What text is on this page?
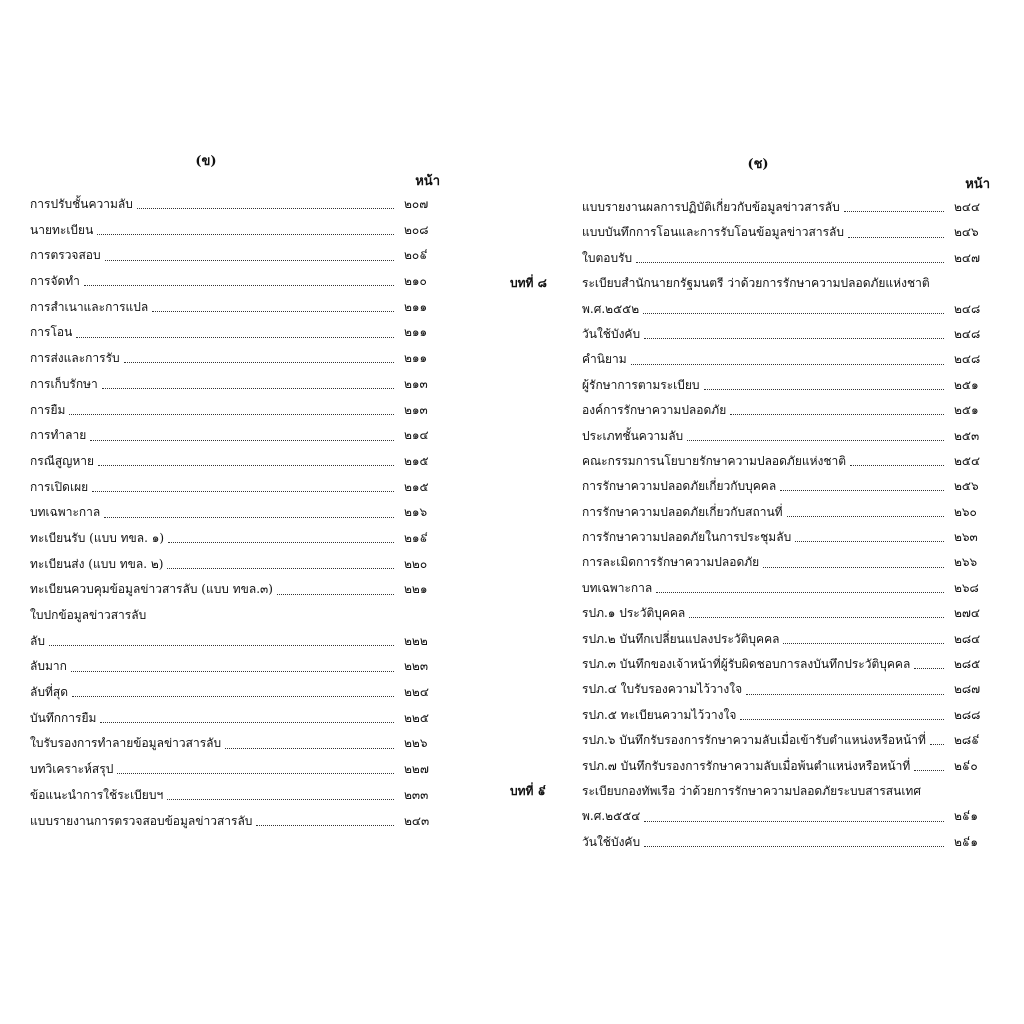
(ข)
หน้า
การปรับชั้นความลับ	๒๐๗
นายทะเบียน	๒๐๘
การตรวจสอบ	๒๐៩
การจัดทำ	๒๑๐
การสำเนาและการแปล	๒๑๑
การโอน	๒๑๑
การส่งและการรับ	๒๑๑
การเก็บรักษา	๒๑๓
การยืม	๒๑๓
การทำลาย	๒๑๔
กรณีสูญหาย	๒๑๕
การเปิดเผย	๒๑๕
บทเฉพาะกาล	๒๑๖
ทะเบียนรับ (แบบ ทขล. ๑)	๒๑៩
ทะเบียนส่ง (แบบ ทขล. ๒)	๒๒๐
ทะเบียนควบคุมข้อมูลข่าวสารลับ (แบบ ทขล.๓)	๒๒๑
ใบปกข้อมูลข่าวสารลับ
ลับ	๒๒๒
ลับมาก	๒๒๓
ลับที่สุด	๒๒๔
บันทึกการยืม	๒๒๕
ใบรับรองการทำลายข้อมูลข่าวสารลับ	๒๒๖
บทวิเคราะห์สรุป	๒๒๗
ข้อแนะนำการใช้ระเบียบฯ	๒๓๓
แบบรายงานการตรวจสอบข้อมูลข่าวสารลับ	๒๔๓
(ช)
หน้า
แบบรายงานผลการปฏิบัติเกี่ยวกับข้อมูลข่าวสารลับ	๒๔๔
แบบบันทึกการโอนและการรับโอนข้อมูลข่าวสารลับ	๒๔๖
ใบตอบรับ	๒๔๗
บทที่ ๘	ระเบียบสำนักนายกรัฐมนตรี ว่าด้วยการรักษาความปลอดภัยแห่งชาติ
พ.ศ.๒๕๕๒	๒๔๘
วันใช้บังคับ	๒๔๘
คำนิยาม	๒๔๘
ผู้รักษาการตามระเบียบ	๒๕๑
องค์การรักษาความปลอดภัย	๒๕๑
ประเภทชั้นความลับ	๒๕๓
คณะกรรมการนโยบายรักษาความปลอดภัยแห่งชาติ	๒๕๔
การรักษาความปลอดภัยเกี่ยวกับบุคคล	๒๕๖
การรักษาความปลอดภัยเกี่ยวกับสถานที่	๒๖๐
การรักษาความปลอดภัยในการประชุมลับ	๒๖๓
การละเมิดการรักษาความปลอดภัย	๒๖๖
บทเฉพาะกาล	๒๖๘
รปภ.๑ ประวัติบุคคล	๒๗๔
รปภ.๒ บันทึกเปลี่ยนแปลงประวัติบุคคล	๒๘๔
รปภ.๓ บันทึกของเจ้าหน้าที่ผู้รับผิดชอบการลงบันทึกประวัติบุคคล	๒๘๕
รปภ.๔ ใบรับรองความไว้วางใจ	๒๘๗
รปภ.๕ ทะเบียนความไว้วางใจ	๒๘๘
รปภ.๖ บันทึกรับรองการรักษาความลับเมื่อเข้ารับตำแหน่งหรือหน้าที่	๒๘៩
รปภ.๗ บันทึกรับรองการรักษาความลับเมื่อพ้นตำแหน่งหรือหน้าที่	๒៩๐
บทที่ ៩	ระเบียบกองทัพเรือ ว่าด้วยการรักษาความปลอดภัยระบบสารสนเทศ
พ.ศ.๒๕๕๔	๒៩๑
วันใช้บังคับ	๒៩๑
